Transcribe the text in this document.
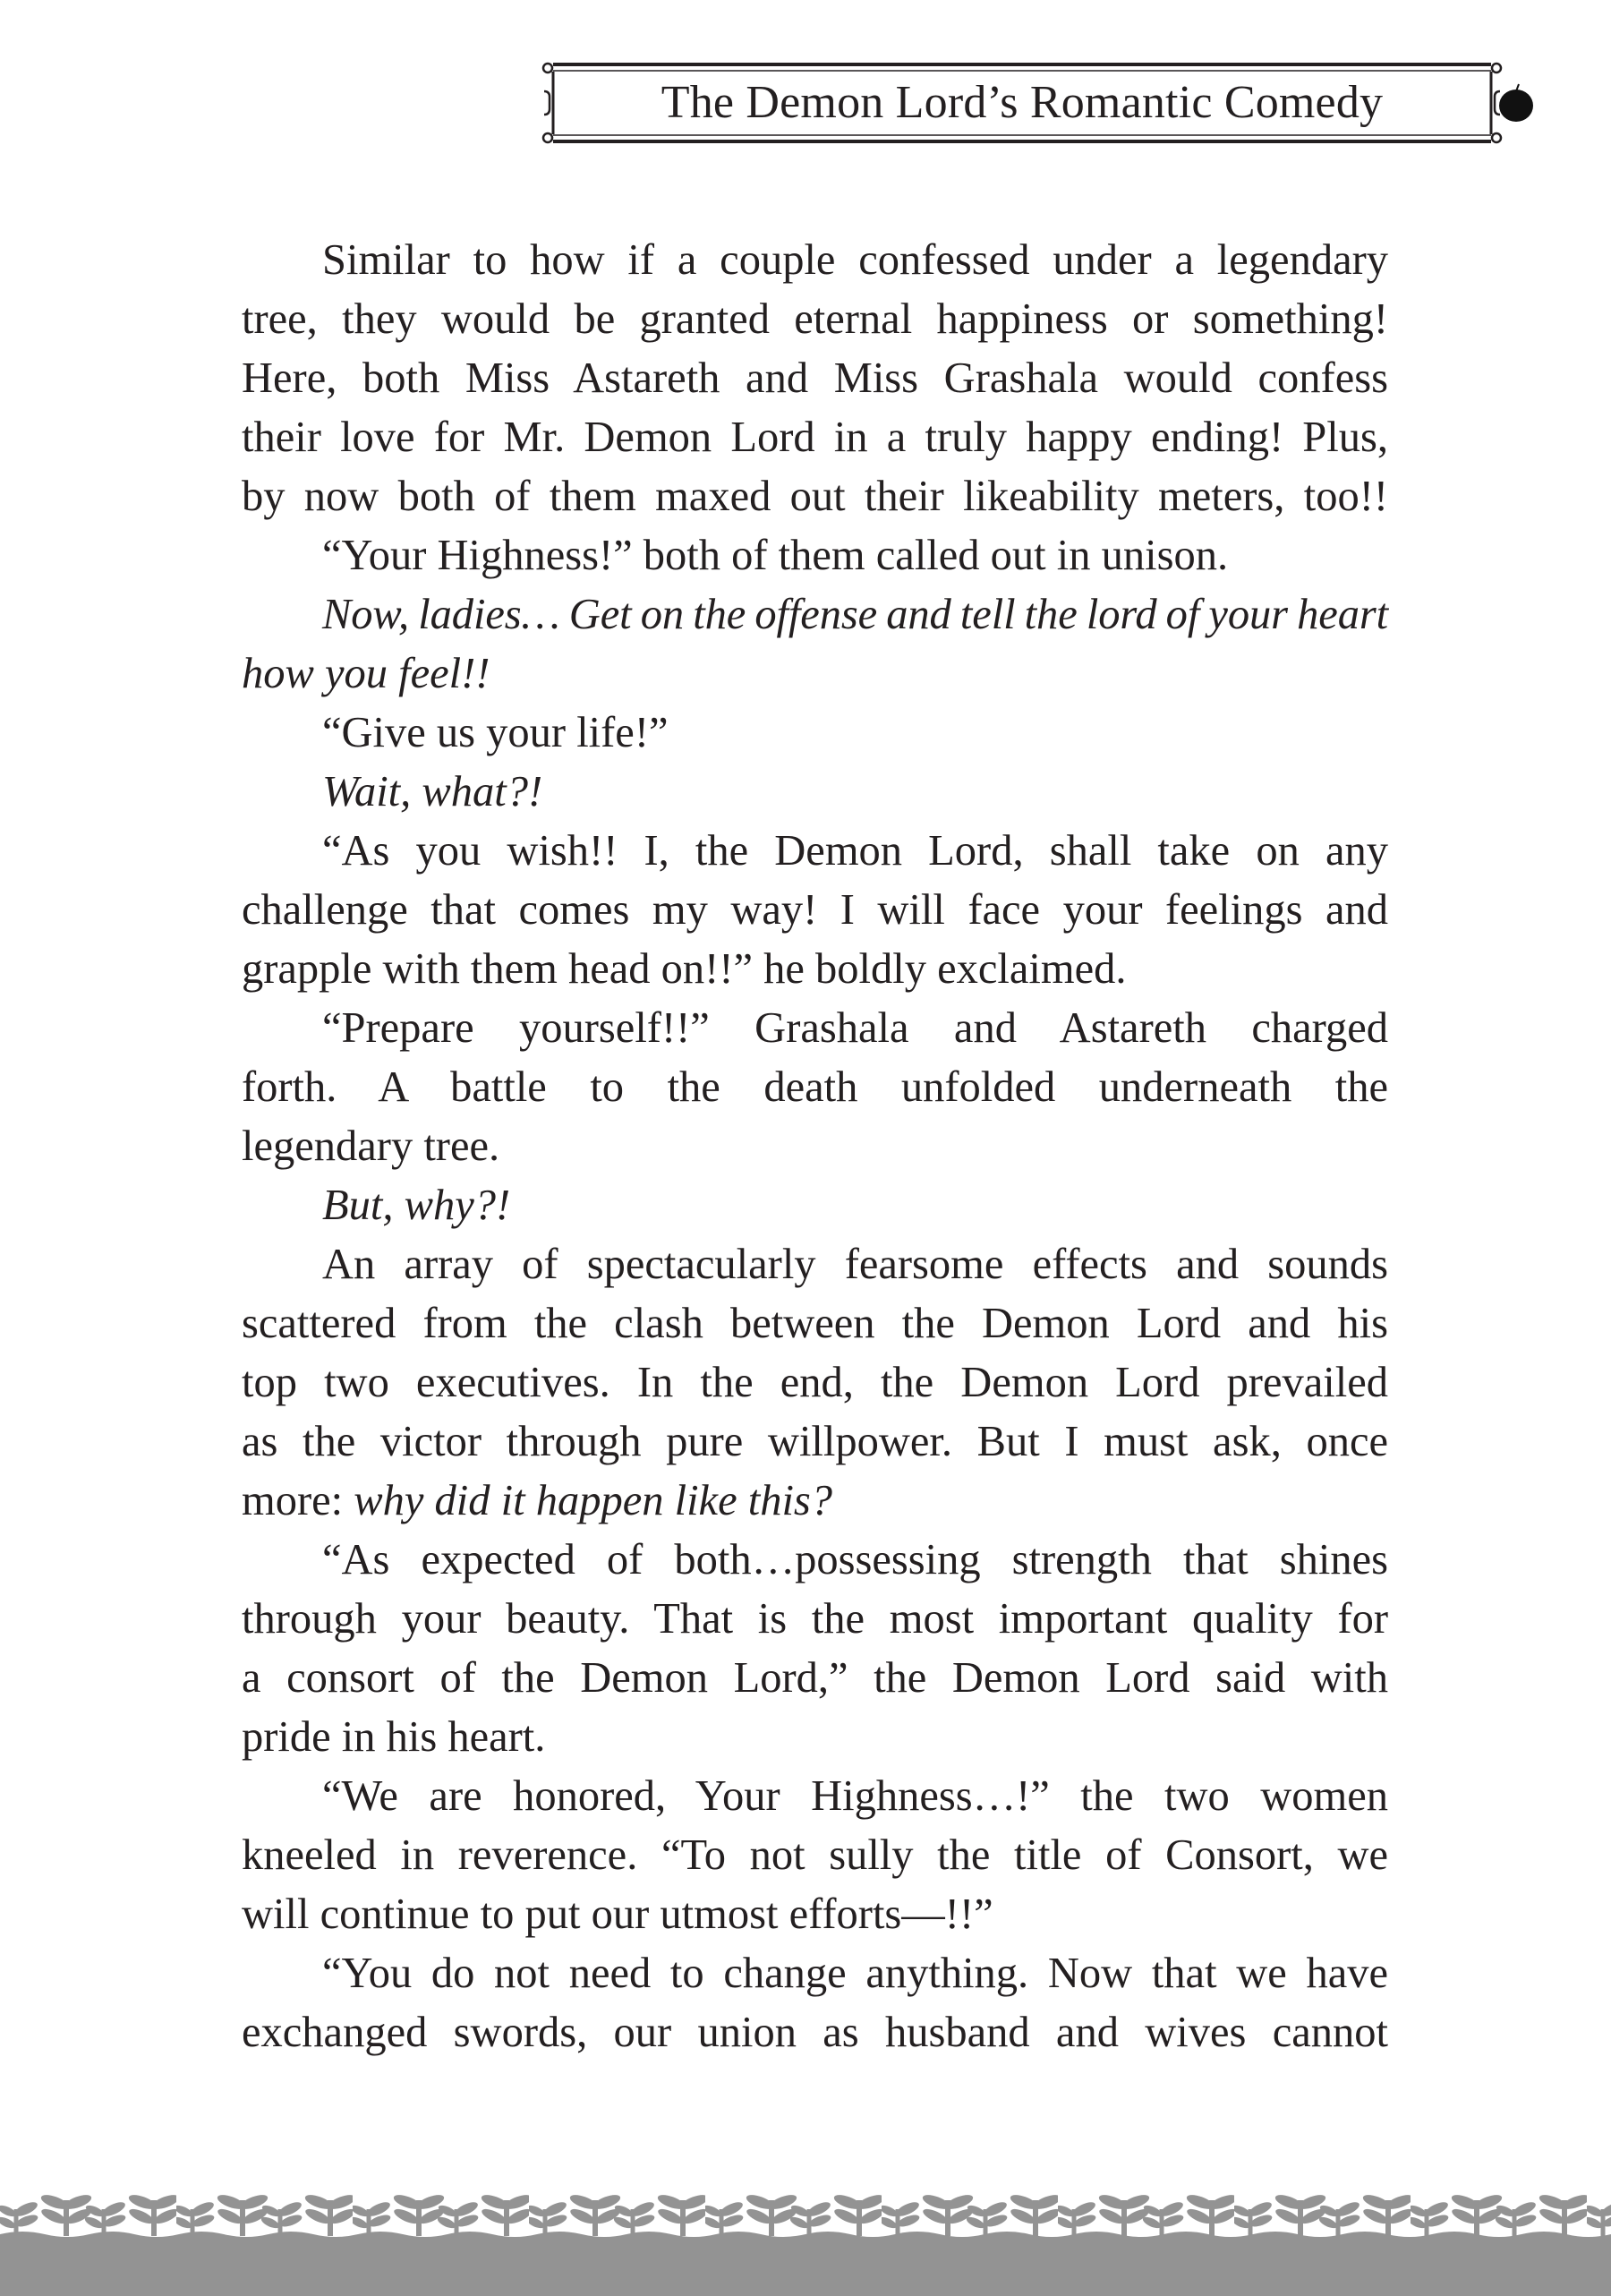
The Demon Lord’s Romantic Comedy
Similar to how if a couple confessed under a legendary
tree, they would be granted eternal happiness or something!
Here, both Miss Astareth and Miss Grashala would confess
their love for Mr. Demon Lord in a truly happy ending! Plus,
by now both of them maxed out their likeability meters, too!!
“Your Highness!” both of them called out in unison.
Now, ladies… Get on the offense and tell the lord of your heart
how you feel!!
“Give us your life!”
Wait, what?!
“As you wish!! I, the Demon Lord, shall take on any
challenge that comes my way! I will face your feelings and
grapple with them head on!!” he boldly exclaimed.
“Prepare yourself!!” Grashala and Astareth charged
forth. A battle to the death unfolded underneath the
legendary tree.
But, why?!
An array of spectacularly fearsome effects and sounds
scattered from the clash between the Demon Lord and his
top two executives. In the end, the Demon Lord prevailed
as the victor through pure willpower. But I must ask, once
more: why did it happen like this?
“As expected of both…possessing strength that shines
through your beauty. That is the most important quality for
a consort of the Demon Lord,” the Demon Lord said with
pride in his heart.
“We are honored, Your Highness…!” the two women
kneeled in reverence. “To not sully the title of Consort, we
will continue to put our utmost efforts—!!”
“You do not need to change anything. Now that we have
exchanged swords, our union as husband and wives cannot
